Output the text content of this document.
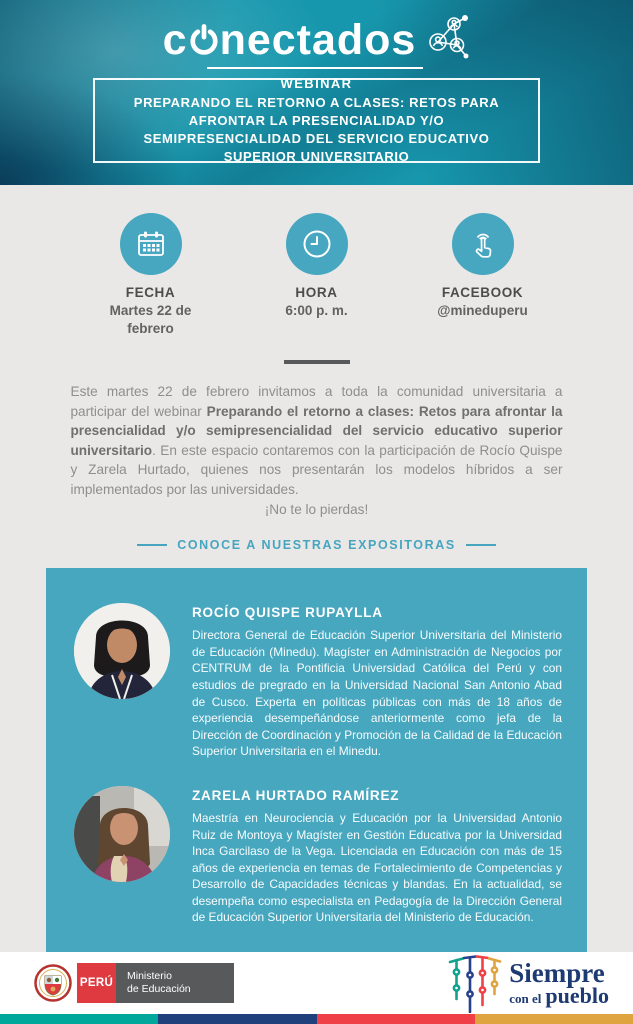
c nectados
WEBINAR
PREPARANDO EL RETORNO A CLASES: RETOS PARA AFRONTAR LA PRESENCIALIDAD Y/O SEMIPRESENCIALIDAD DEL SERVICIO EDUCATIVO SUPERIOR UNIVERSITARIO
FECHA
Martes 22 de febrero
HORA
6:00 p. m.
FACEBOOK
@mineduperu

Este martes 22 de febrero invitamos a toda la comunidad universitaria a participar del webinar Preparando el retorno a clases: Retos para afrontar la presencialidad y/o semipresencialidad del servicio educativo superior universitario. En este espacio contaremos con la participación de Rocío Quispe y Zarela Hurtado, quienes nos presentarán los modelos híbridos a ser implementados por las universidades.

¡No te lo pierdas!
CONOCE A NUESTRAS EXPOSITORAS
ROCÍO QUISPE RUPAYLLA
Directora General de Educación Superior Universitaria del Ministerio de Educación (Minedu). Magíster en Administración de Negocios por CENTRUM de la Pontificia Universidad Católica del Perú y con estudios de pregrado en la Universidad Nacional San Antonio Abad de Cusco. Experta en políticas públicas con más de 18 años de experiencia desempeñándose anteriormente como jefa de la Dirección de Coordinación y Promoción de la Calidad de la Educación Superior Universitaria en el Minedu.
ZARELA HURTADO RAMÍREZ
Maestría en Neurociencia y Educación por la Universidad Antonio Ruiz de Montoya y Magíster en Gestión Educativa por la Universidad Inca Garcilaso de la Vega. Licenciada en Educación con más de 15 años de experiencia en temas de Fortalecimiento de Competencias y Desarrollo de Capacidades técnicas y blandas. En la actualidad, se desempeña como especialista en Pedagogía de la Dirección General de Educación Superior Universitaria del Ministerio de Educación.
PERÚ
Ministerio
de Educación
Siempre
con el pueblo
